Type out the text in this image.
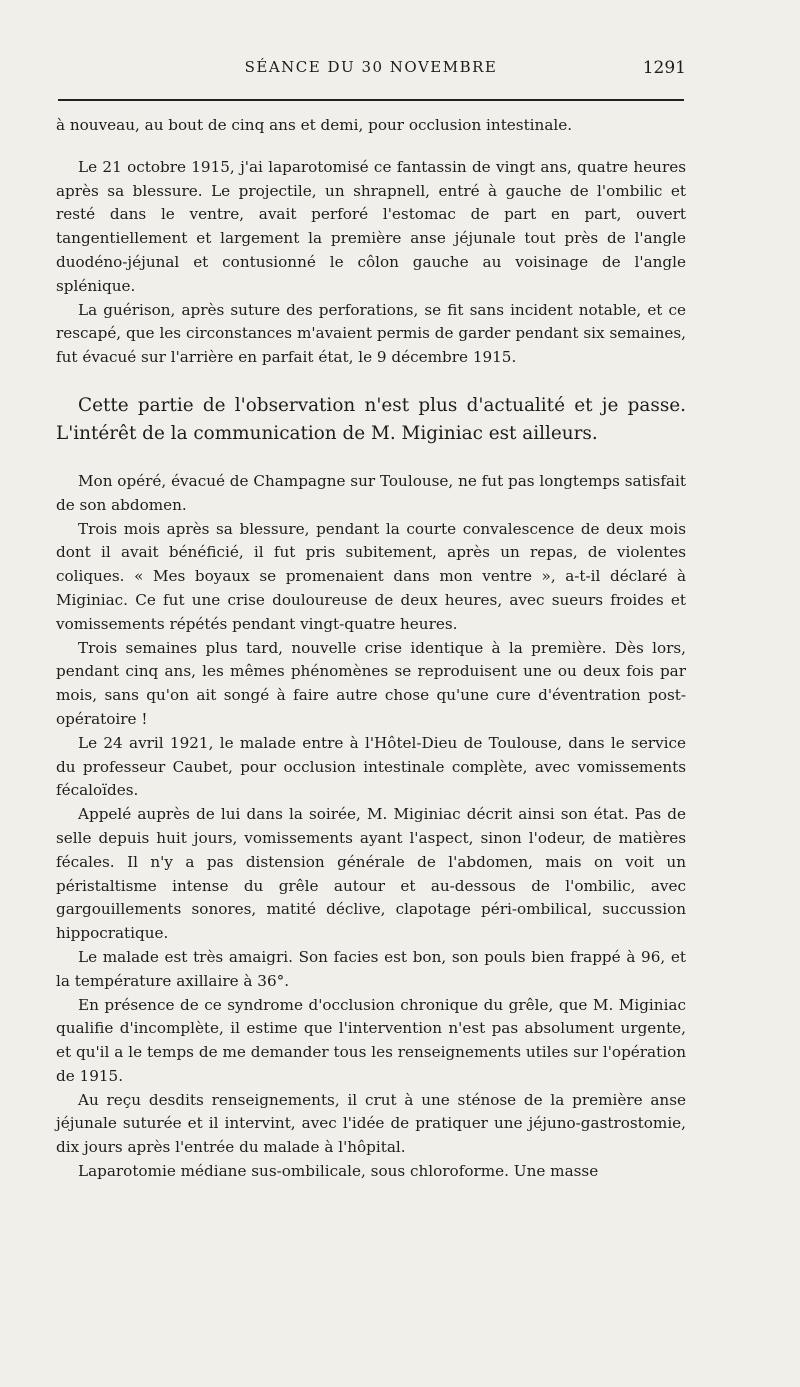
SÉANCE DU 30 NOVEMBRE	1291

à nouveau, au bout de cinq ans et demi, pour occlusion intestinale.

Le 21 octobre 1915, j'ai laparotomisé ce fantassin de vingt ans, quatre heures après sa blessure. Le projectile, un shrapnell, entré à gauche de l'ombilic et resté dans le ventre, avait perforé l'estomac de part en part, ouvert tangentiellement et largement la première anse jéjunale tout près de l'angle duodéno-jéjunal et contusionné le côlon gauche au voisinage de l'angle splénique.

La guérison, après suture des perforations, se fit sans incident notable, et ce rescapé, que les circonstances m'avaient permis de garder pendant six semaines, fut évacué sur l'arrière en parfait état, le 9 décembre 1915.

Cette partie de l'observation n'est plus d'actualité et je passe. L'intérêt de la communication de M. Miginiac est ailleurs.

Mon opéré, évacué de Champagne sur Toulouse, ne fut pas longtemps satisfait de son abdomen.

Trois mois après sa blessure, pendant la courte convalescence de deux mois dont il avait bénéficié, il fut pris subitement, après un repas, de violentes coliques. « Mes boyaux se promenaient dans mon ventre », a-t-il déclaré à Miginiac. Ce fut une crise douloureuse de deux heures, avec sueurs froides et vomissements répétés pendant vingt-quatre heures.

Trois semaines plus tard, nouvelle crise identique à la première. Dès lors, pendant cinq ans, les mêmes phénomènes se reproduisent une ou deux fois par mois, sans qu'on ait songé à faire autre chose qu'une cure d'éventration post-opératoire !

Le 24 avril 1921, le malade entre à l'Hôtel-Dieu de Toulouse, dans le service du professeur Caubet, pour occlusion intestinale complète, avec vomissements fécaloïdes.

Appelé auprès de lui dans la soirée, M. Miginiac décrit ainsi son état. Pas de selle depuis huit jours, vomissements ayant l'aspect, sinon l'odeur, de matières fécales. Il n'y a pas distension générale de l'abdomen, mais on voit un péristaltisme intense du grêle autour et au-dessous de l'ombilic, avec gargouillements sonores, matité déclive, clapotage péri-ombilical, succussion hippocratique.

Le malade est très amaigri. Son facies est bon, son pouls bien frappé à 96, et la température axillaire à 36°.

En présence de ce syndrome d'occlusion chronique du grêle, que M. Miginiac qualifie d'incomplète, il estime que l'intervention n'est pas absolument urgente, et qu'il a le temps de me demander tous les renseignements utiles sur l'opération de 1915.

Au reçu desdits renseignements, il crut à une sténose de la première anse jéjunale suturée et il intervint, avec l'idée de pratiquer une jéjuno-gastrostomie, dix jours après l'entrée du malade à l'hôpital.

Laparotomie médiane sus-ombilicale, sous chloroforme. Une masse
